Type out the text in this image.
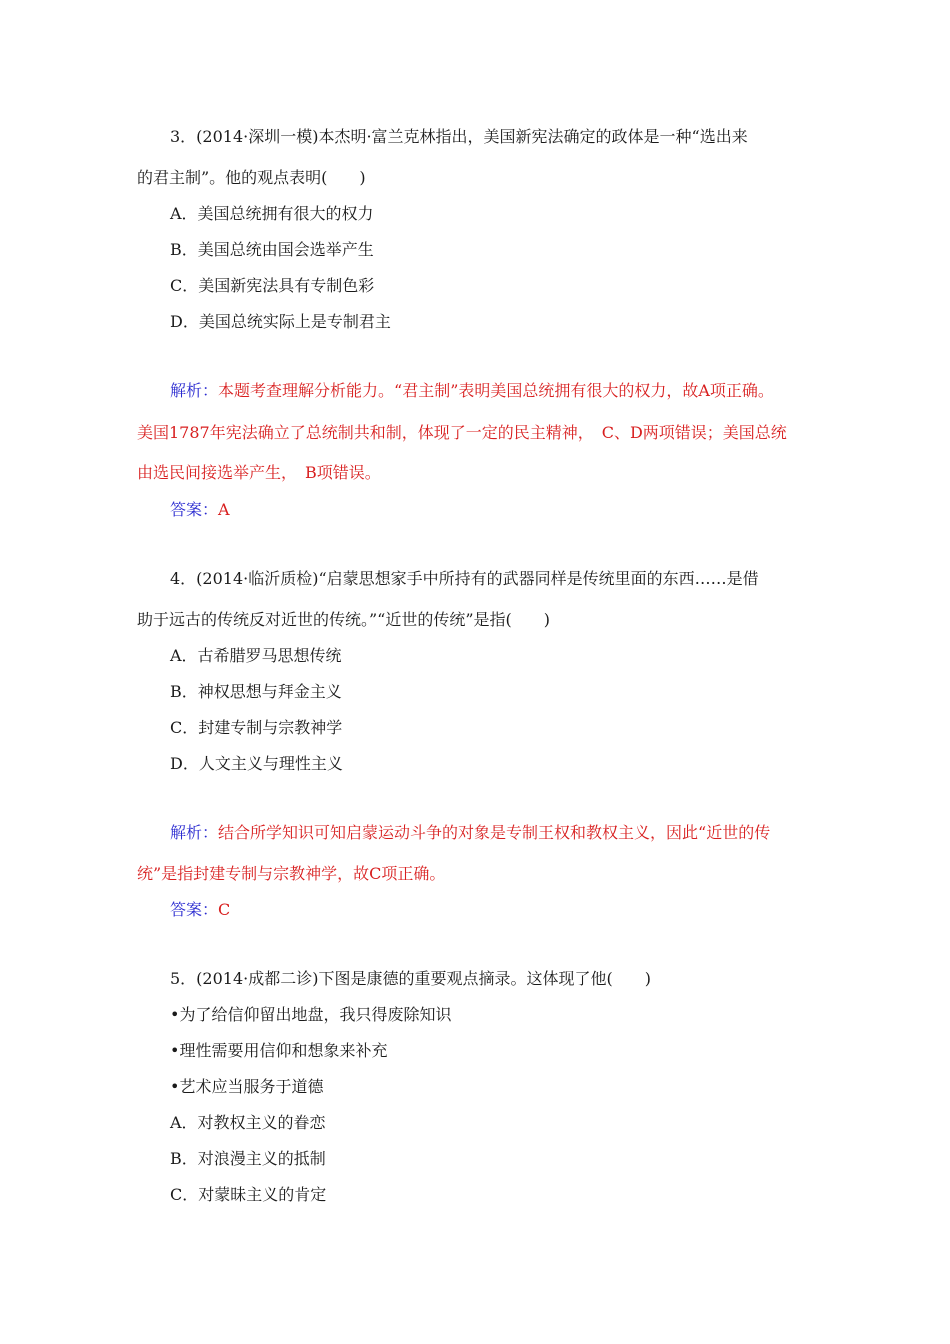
3．(2014·深圳一模)本杰明·富兰克林指出，美国新宪法确定的政体是一种“选出来
的君主制”。他的观点表明(　　)
A．美国总统拥有很大的权力
B．美国总统由国会选举产生
C．美国新宪法具有专制色彩
D．美国总统实际上是专制君主
解析：本题考查理解分析能力。“君主制”表明美国总统拥有很大的权力，故A项正确。
美国1787年宪法确立了总统制共和制，体现了一定的民主精神，　C、D两项错误；美国总统
由选民间接选举产生，　B项错误。
答案：A
4．(2014·临沂质检)“启蒙思想家手中所持有的武器同样是传统里面的东西……是借
助于远古的传统反对近世的传统。”“近世的传统”是指(　　)
A．古希腊罗马思想传统
B．神权思想与拜金主义
C．封建专制与宗教神学
D．人文主义与理性主义
解析：结合所学知识可知启蒙运动斗争的对象是专制王权和教权主义，因此“近世的传
统”是指封建专制与宗教神学，故C项正确。
答案：C
5．(2014·成都二诊)下图是康德的重要观点摘录。这体现了他(　　)
•为了给信仰留出地盘，我只得废除知识
•理性需要用信仰和想象来补充
•艺术应当服务于道德
A．对教权主义的眷恋
B．对浪漫主义的抵制
C．对蒙昧主义的肯定
